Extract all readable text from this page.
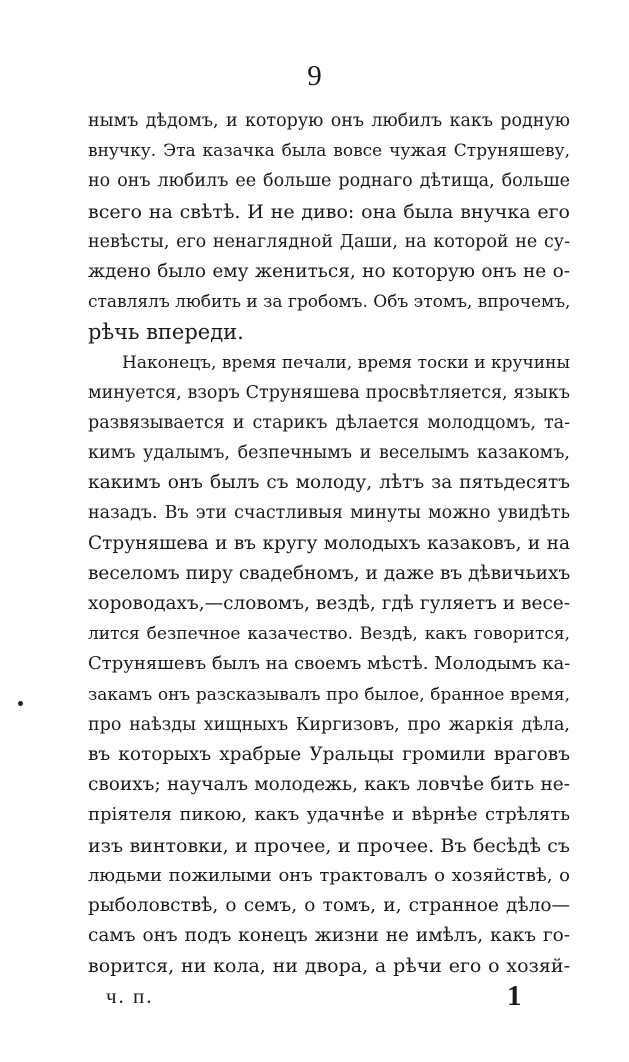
9
нымъ дѣдомъ, и которую онъ любилъ какъ родную
внучку. Эта казачка была вовсе чужая Струняшеву,
но онъ любилъ ее больше роднаго дѣтища, больше
всего на свѣтѣ. И не диво: она была внучка его
невѣсты, его ненаглядной Даши, на которой не су-
ждено было ему жениться, но которую онъ не о-
ставлялъ любить и за гробомъ. Объ этомъ, впрочемъ,
рѣчь впереди.
Наконецъ, время печали, время тоски и кручины
минуется, взоръ Струняшева просвѣтляется, языкъ
развязывается и старикъ дѣлается молодцомъ, та-
кимъ удалымъ, безпечнымъ и веселымъ казакомъ,
какимъ онъ былъ съ молоду, лѣтъ за пятьдесятъ
назадъ. Въ эти счастливыя минуты можно увидѣть
Струняшева и въ кругу молодыхъ казаковъ, и на
веселомъ пиру свадебномъ, и даже въ дѣвичьихъ
хороводахъ,—словомъ, вездѣ, гдѣ гуляетъ и весе-
лится безпечное казачество. Вездѣ, какъ говорится,
Струняшевъ былъ на своемъ мѣстѣ. Молодымъ ка-
закамъ онъ разсказывалъ про былое, бранное время,
про наѣзды хищныхъ Киргизовъ, про жаркія дѣла,
въ которыхъ храбрые Уральцы громили враговъ
своихъ; научалъ молодежь, какъ ловчѣе бить не-
пріятеля пикою, какъ удачнѣе и вѣрнѣе стрѣлять
изъ винтовки, и прочее, и прочее. Въ бесѣдѣ съ
людьми пожилыми онъ трактовалъ о хозяйствѣ, о
рыболовствѣ, о семъ, о томъ, и, странное дѣло—
самъ онъ подъ конецъ жизни не имѣлъ, какъ го-
ворится, ни кола, ни двора, а рѣчи его о хозяй-
ч. п.	1
